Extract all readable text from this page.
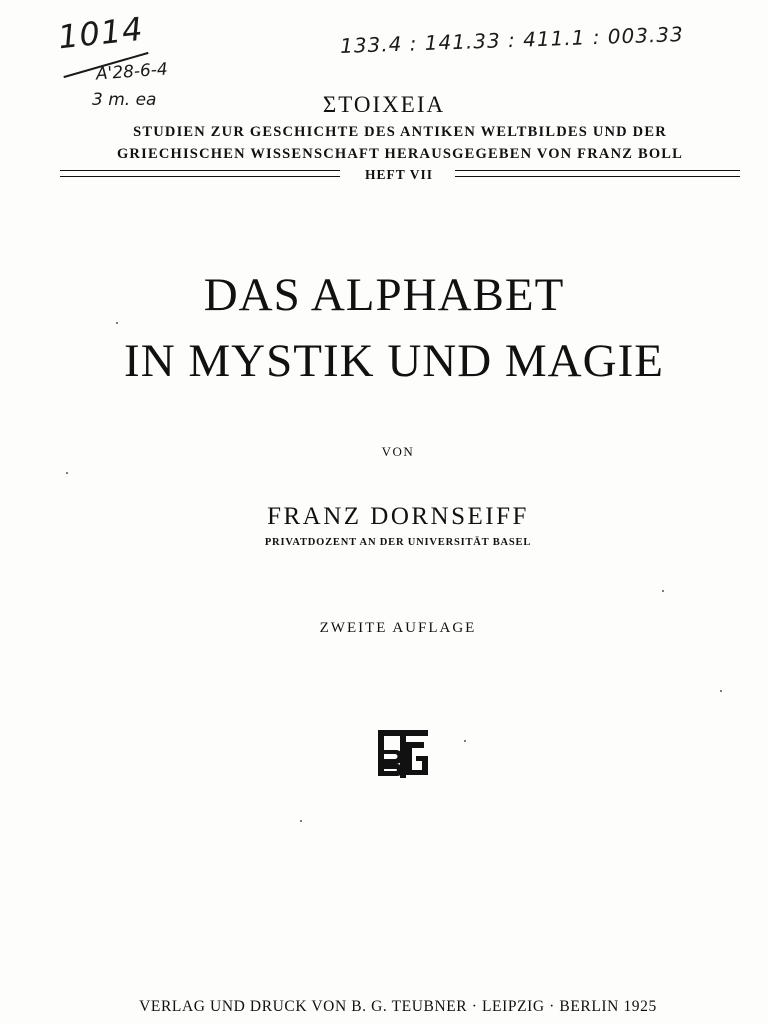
1014
A'28-6-4
3 m. ea
133.4 : 141.33 : 411.1 : 003.33
ΣΤΟΙΧΕΙΑ
STUDIEN ZUR GESCHICHTE DES ANTIKEN WELTBILDES UND DER
GRIECHISCHEN WISSENSCHAFT HERAUSGEGEBEN VON FRANZ BOLL
HEFT VII
DAS ALPHABET
IN MYSTIK UND MAGIE
VON
FRANZ DORNSEIFF
PRIVATDOZENT AN DER UNIVERSITÄT BASEL
ZWEITE AUFLAGE
VERLAG UND DRUCK VON B. G. TEUBNER · LEIPZIG · BERLIN 1925
